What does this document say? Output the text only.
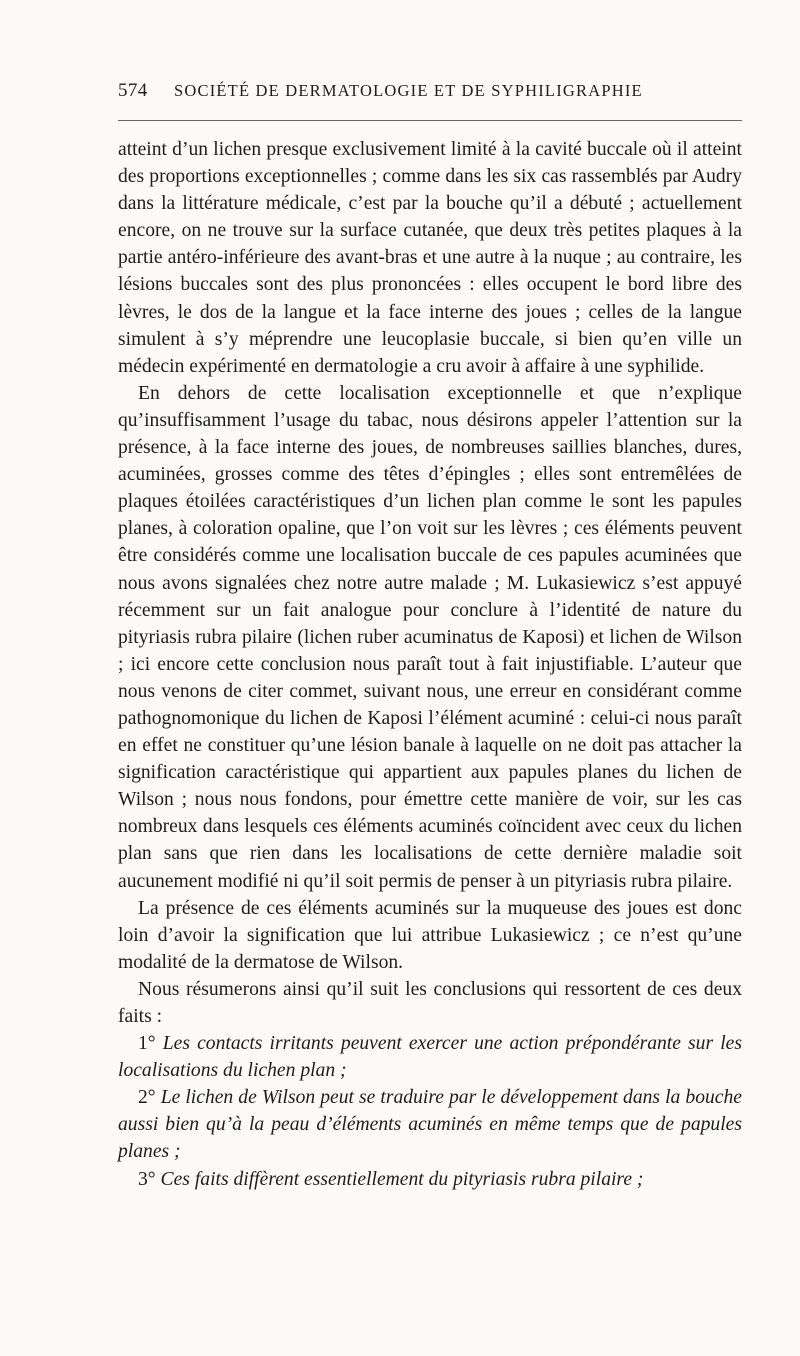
574	SOCIÉTÉ DE DERMATOLOGIE ET DE SYPHILIGRAPHIE

atteint d’un lichen presque exclusivement limité à la cavité buccale où il atteint des proportions exceptionnelles ; comme dans les six cas rassemblés par Audry dans la littérature médicale, c’est par la bouche qu’il a débuté ; actuellement encore, on ne trouve sur la surface cutanée, que deux très petites plaques à la partie antéro-inférieure des avant-bras et une autre à la nuque ; au contraire, les lésions buccales sont des plus prononcées : elles occupent le bord libre des lèvres, le dos de la langue et la face interne des joues ; celles de la langue simulent à s’y méprendre une leucoplasie buccale, si bien qu’en ville un médecin expérimenté en dermatologie a cru avoir à affaire à une syphilide.

En dehors de cette localisation exceptionnelle et que n’explique qu’insuffisamment l’usage du tabac, nous désirons appeler l’attention sur la présence, à la face interne des joues, de nombreuses saillies blanches, dures, acuminées, grosses comme des têtes d’épingles ; elles sont entremêlées de plaques étoilées caractéristiques d’un lichen plan comme le sont les papules planes, à coloration opaline, que l’on voit sur les lèvres ; ces éléments peuvent être considérés comme une localisation buccale de ces papules acuminées que nous avons signalées chez notre autre malade ; M. Lukasiewicz s’est appuyé récemment sur un fait analogue pour conclure à l’identité de nature du pityriasis rubra pilaire (lichen ruber acuminatus de Kaposi) et lichen de Wilson ; ici encore cette conclusion nous paraît tout à fait injustifiable. L’auteur que nous venons de citer commet, suivant nous, une erreur en considérant comme pathognomonique du lichen de Kaposi l’élément acuminé : celui-ci nous paraît en effet ne constituer qu’une lésion banale à laquelle on ne doit pas attacher la signification caractéristique qui appartient aux papules planes du lichen de Wilson ; nous nous fondons, pour émettre cette manière de voir, sur les cas nombreux dans lesquels ces éléments acuminés coïncident avec ceux du lichen plan sans que rien dans les localisations de cette dernière maladie soit aucunement modifié ni qu’il soit permis de penser à un pityriasis rubra pilaire.

La présence de ces éléments acuminés sur la muqueuse des joues est donc loin d’avoir la signification que lui attribue Lukasiewicz ; ce n’est qu’une modalité de la dermatose de Wilson.

Nous résumerons ainsi qu’il suit les conclusions qui ressortent de ces deux faits :

1° Les contacts irritants peuvent exercer une action prépondérante sur les localisations du lichen plan ;

2° Le lichen de Wilson peut se traduire par le développement dans la bouche aussi bien qu’à la peau d’éléments acuminés en même temps que de papules planes ;

3° Ces faits diffèrent essentiellement du pityriasis rubra pilaire ;
